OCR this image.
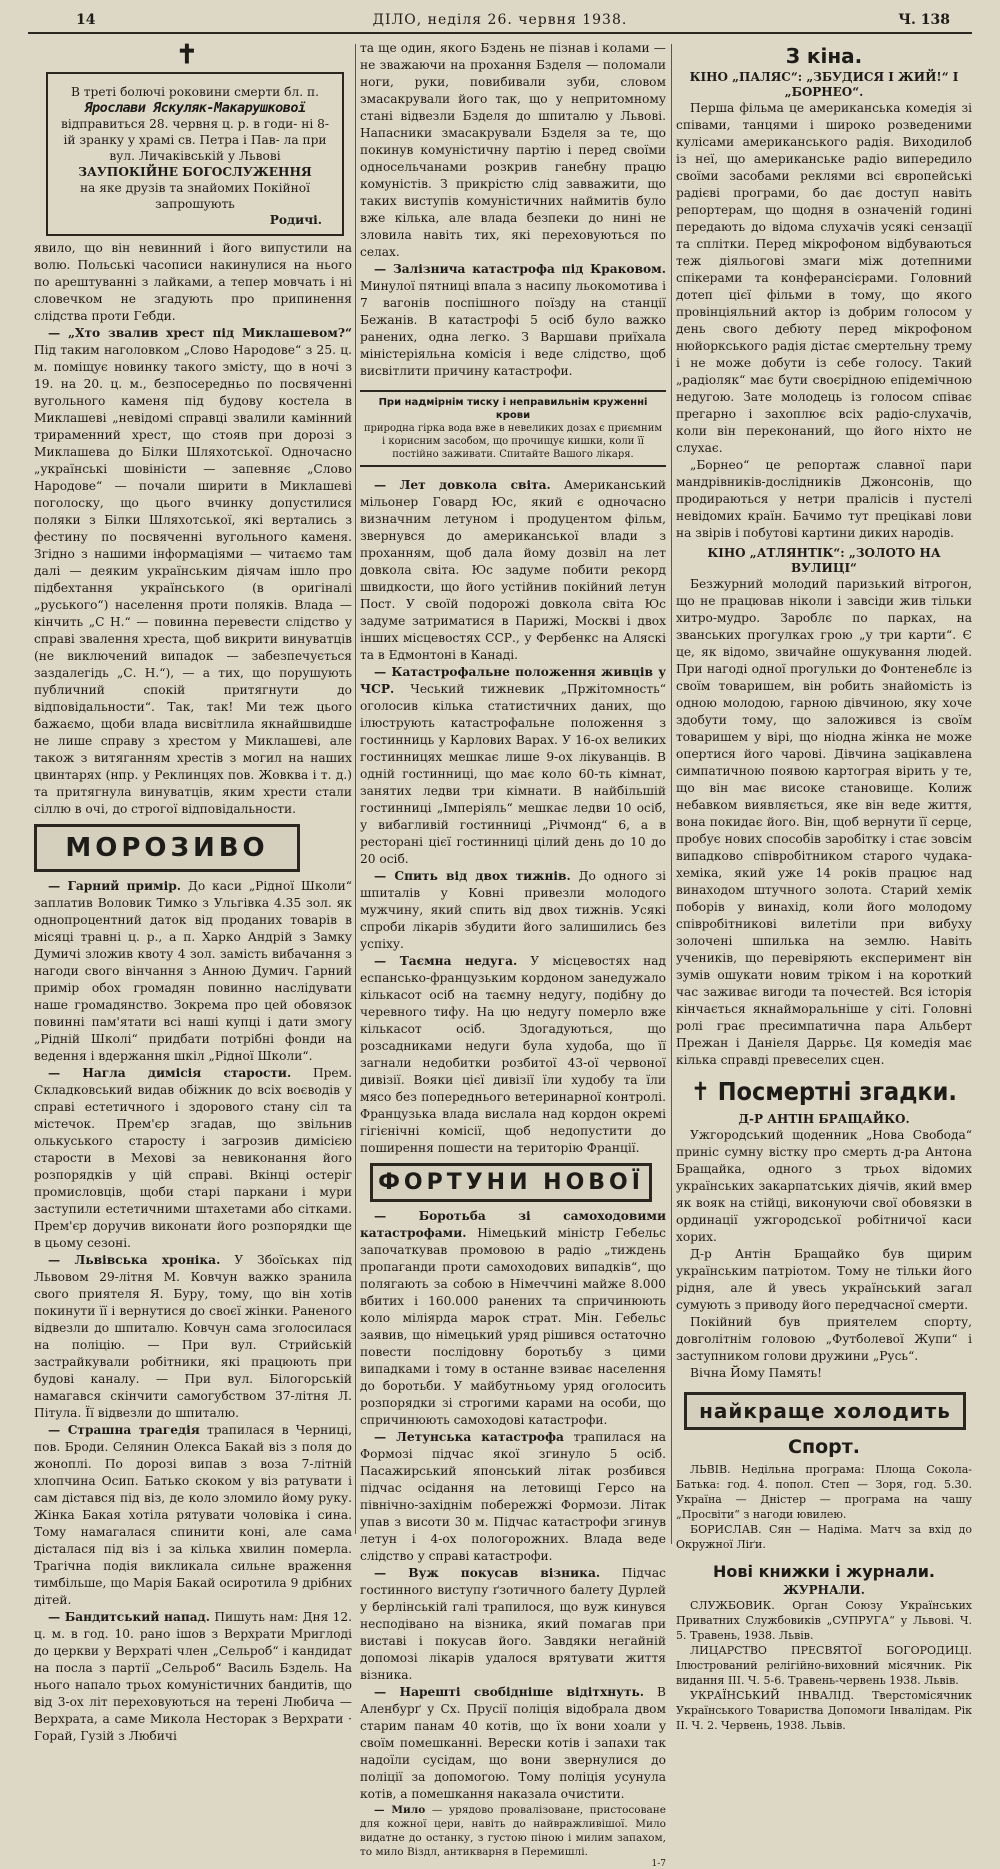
14	ДІЛО, неділя 26. червня 1938.	Ч. 138
✝
В треті болючі роковини смерти бл. п.
Ярослави Яскуляк-Макарушкової
відправиться 28. червня ц. р. в годи- ні 8-ій зранку у храмі св. Петра і Пав- ла при вул. Личаківській у Львові
ЗАУПОКІЙНЕ БОГОСЛУЖЕННЯ
на яке друзів та знайомих Покійної запрошують
Родичі.

явило, що він невинний і його випустили на волю. Польські часописи накинулися на нього по арештуванні з лайками, а тепер мовчать і ні словечком не згадують про припинення слідства проти Гебди.

— „Хто звалив хрест під Миклашевом?“ Під таким наголовком „Слово Народове“ з 25. ц. м. поміщує новинку такого змісту, що в ночі з 19. на 20. ц. м., безпосередньо по посвяченні вугольного каменя під будову костела в Миклашеві „невідомі справці звалили камінний трираменний хрест, що стояв при дорозі з Миклашева до Білки Шляхотської. Одночасно „українські шовіністи — запевняє „Слово Народове“ — почали ширити в Миклашеві поголоску, що цього вчинку допустилися поляки з Білки Шляхотської, які вертались з фестину по посвяченні вугольного каменя. Згідно з нашими інформаціями — читаємо там далі — деяким українським діячам ішло про підбехтання українського (в оригіналі „руського“) населення проти поляків. Влада — кінчить „С Н.“ — повинна перевести слідство у справі звалення хреста, щоб викрити винуватців (не виключений випадок — забезпечується заздалегідь „С. Н.“), — а тих, що порушують публичний спокій притягнути до відповідальности“. Так, так! Ми теж цього бажаємо, щоби влада висвітлила якнайшвидше не лише справу з хрестом у Миклашеві, але також з витяганням хрестів з могил на наших цвинтарях (нпр. у Реклинцях пов. Жовква і т. д.) та притягнула винуватців, яким хрести стали сіллю в очі, до строгої відповідальности.

МОРОЗИВО

— Гарний примір. До каси „Рідної Школи“ заплатив Воловик Тимко з Ульгівка 4.35 зол. як однопроцентний даток від проданих товарів в місяці травні ц. р., а п. Харко Андрій з Замку Думичі зложив квоту 4 зол. замість вибачання з нагоди свого вінчання з Анною Думич. Гарний примір обох громадян повинно наслідувати наше громадянство. Зокрема про цей обовязок повинні пам'ятати всі наші купці і дати змогу „Рідній Школі“ придбати потрібні фонди на ведення і вдержання шкіл „Рідної Школи“.

— Нагла димісія старости. Прем. Складковський видав обіжник до всіх воєводів у справі естетичного і здорового стану сіл та містечок. Прем'єр згадав, що звільнив олькуського старосту і загрозив димісією старости в Мехові за невиконання його розпорядків у цій справі. Вкінці остеріг промисловців, щоби старі паркани і мури заступили естетичними штахетами або сітками. Прем'єр доручив виконати його розпорядки ще в цьому сезоні.

— Львівська хроніка. У Збоїськах під Львовом 29-літня М. Ковчун важко зранила свого приятеля Я. Буру, тому, що він хотів покинути її і вернутися до своєї жінки. Раненого відвезли до шпиталю. Ковчун сама зголосилася на поліцію. — При вул. Стрийській застрайкували робітники, які працюють при будові каналу. — При вул. Білогорській намагався скінчити самогубством 37-літня Л. Пітула. Її відвезли до шпиталю.

— Страшна трагедія трапилася в Черниці, пов. Броди. Селянин Олекса Бакай віз з поля до жоноплі. По дорозі випав з воза 7-літній хлопчина Осип. Батько скоком у віз ратувати і сам діставcя під віз, де коло зломило йому руку. Жінка Бакая хотіла рятувати чоловіка і сина. Тому намагалася спинити коні, але сама дісталася під віз і за кілька хвилин померла. Трагічна подія викликала сильне враження тимбільше, що Марія Бакай осиротила 9 дрібних дітей.

— Бандитський напад. Пишуть нам: Дня 12. ц. м. в год. 10. рано ішов з Верхрати Мриглоді до церкви у Верхраті член „Сельроб“ і кандидат на посла з партії „Сельроб“ Василь Бздель. На нього напало трьох комуністичних бандитів, що від 3-ох літ переховуються на терені Любича — Верхрата, а саме Микола Несторак з Верхрати · Горай, Гузій з Любичі

та ще один, якого Бздень не пізнав і колами — не зважаючи на прохання Бзделя — поломали ноги, руки, повибивали зуби, словом змасакрували його так, що у непритомному стані відвезли Бзделя до шпиталю у Львові. Напасники змасакрували Бзделя за те, що покинув комуністичну партію і перед своїми односельчанами розкрив ганебну працю комуністів. З прикрістю слід завважити, що таких виступів комуністичних наймитів було вже кілька, але влада безпеки до нині не зловила навіть тих, які переховуються по селах.

— Залізнича катастрофа під Краковом. Минулої пятниці впала з насипу льокомотива і 7 вагонів поспішного поїзду на станції Бежанів. В катастрофі 5 осіб було важко ранених, одна легко. З Варшави приїхала міністеріяльна комісія і веде слідство, щоб висвітлити причину катастрофи.

При надмірнім тиску і неправильнім круженні крови
природна гірка вода вже в невеликих дозах є приємним і корисним засобом, що прочищує кишки, коли її постійно заживати. Спитайте Вашого лікаря.

— Лет довкола світа. Американський мільонер Говард Юс, який є одночасно визначним летуном і продуцентом фільм, звернувся до американської влади з проханням, щоб дала йому дозвіл на лет довкола світа. Юс задуме побити рекорд швидкости, що його устійнив покійний летун Пост. У своїй подорожі довкола світа Юс задуме затриматися в Парижі, Москві і двох інших місцевостях ССР., у Фербенкс на Аляскі та в Едмонтоні в Канаді.

— Катастрофальне положення живців у ЧСР. Чеський тижневик „Пржітомность“ оголосив кілька статистичних даних, що ілюструють катастрофальне положення з гостинниць у Карлових Варах. У 16-ох великих гостинницях мешкає лише 9-ох лікуванців. В одній гостинниці, що має коло 60-ть кімнат, занятих ледви три кімнати. В найбільшій гостинниці „Імперіяль“ мешкає ледви 10 осіб, у вибагливій гостинниці „Річмонд“ 6, а в ресторані цієї гостинниці цілий день до 10 до 20 осіб.

— Спить від двох тижнів. До одного зі шпиталів у Ковні привезли молодого мужчину, який спить від двох тижнів. Усякі спроби лікарів збудити його залишились без успіху.

— Таємна недуга. У місцевостях над еспансько-французьким кордоном занедужало кількасот осіб на таємну недугу, подібну до черевного тифу. На цю недугу померло вже кількасот осіб. Здогадуються, що розсадниками недуги була худоба, що її загнали недобитки розбитої 43-ої червоної дивізії. Вояки цієї дивізії їли худобу та їли мясо без попереднього ветеринарної контролі. Французька влада вислала над кордон окремі гігієнічні комісії, щоб недопустити до поширення пошести на територію Франції.

ФОРТУНИ НОВОЇ

— Боротьба зі самоходовими катастрофами. Німецький міністр Гебельс започаткував промовою в радіо „тиждень пропаганди проти самоходових випадків“, що полягають за собою в Німеччині майже 8.000 вбитих і 160.000 ранених та спричинюють коло міліярда марок страт. Мін. Гебельс заявив, що німецький уряд рішився остаточно повести послідовну боротьбу з цими випадками і тому в останне взиває населення до боротьби. У майбутньому уряд оголосить розпорядки зі строгими карами на особи, що спричинюють самоходові катастрофи.

— Летунська катастрофа трапилася на Формозі підчас якої згинуло 5 осіб. Пасажирський японський літак розбився підчас осідання на летовищі Герсо на північно-західнім побережжі Формози. Літак упав з висоти 30 м. Підчас катастрофи згинув летун і 4-ох пологорожних. Влада веде слідство у справі катастрофи.

— Вуж покусав візника. Підчас гостинного виступу ґзотичного балету Дурлей у берлінській галі трапилося, що вуж кинувся несподівано на візника, який помагав при виставі і покусав його. Завдяки негайній допомозі лікарів удалося врятувати життя візника.

— Нарешті свобідніше відітхнуть. В Аленбурґ у Сх. Прусії поліція відобрала двом старим панам 40 котів, що їх вони хоали у своїм помешканні. Верески котів і запахи так надоїли сусідам, що вони звернулися до поліції за допомогою. Тому поліція усунула котів, а помешкання наказала очистити.

— Мило — урядово провалізоване, пристосоване для кожної цери, навіть до найвражливішої. Мило видатне до останку, з густою піною і милим запахом, то мило Віздл, антикварня в Перемишлі.

1-7
З кіна.
КІНО „ПАЛЯС“: „ЗБУДИСЯ І ЖИЙ!“ І „БОРНЕО“.

Перша фільма це американська комедія зі співами, танцями і широко розведеними кулісами американського радія. Виходилоб із неї, що американське радіо випередило своїми засобами реклями всі європейські радієві програми, бо дає доступ навіть репортерам, що щодня в означеній годині передають до відома слухачів усякі сензації та сплітки. Перед мікрофоном відбуваються теж діяльогові змаги між дотепними спікерами та конферансієрами. Головний дотеп цієї фільми в тому, що якого провінціяльний актор із добрим голосом у день свого дебюту перед мікрофоном нюйоркського радія дістає смертельну тремy і не може добути із себе голосу. Такий „радіоляк“ має бути своєрідною епідемічною недугою. Зате молодець із голосом співає прегарно і захоплює всіх радіо-слухачів, коли він переконаний, що його ніхто не слухає.

„Борнео“ це репортаж славної пари мандрівників-дослідників Джонсонів, що продираються у нетри пралісів і пустелі невідомих країн. Бачимо тут прецікаві лови на звірів і побутові картини диких народів.

КІНО „АТЛЯНТІК“: „ЗОЛОТО НА ВУЛИЦІ“

Безжурний молодий паризький вітрогон, що не працював ніколи і завсіди жив тільки хитро-мудро. Зароблє по парках, на званських прогулках грою „у три карти“. Є це, як відомо, звичайне ошукування людей. При нагоді одної прогульки до Фонтенеблє із своїм товаришем, він робить знайомість із одною молодою, гарною дівчиною, яку хоче здобути тому, що заложився із своїм товаришем у вірі, що ніодна жінка не може опертися його чарові. Дівчина зацікавлена симпатичною появою картограя вірить у те, що він має високе становище. Колиж небавком виявляється, яке він веде життя, вона покидає його. Він, щоб вернути її серце, пробує нових способів заробітку і стає зовсім випадково співробітником старого чудака-хеміка, який уже 14 років працює над винаходом штучного золота. Старий хемік поборів у винахід, коли його молодому співробітникові вилетіли при вибуху золочені шпилька на землю. Навіть учеників, що перевіряють експеримент він зумів ошукати новим тріком і на короткий час заживає вигоди та почестей. Вся історія кінчається якнайморальніше у сіті. Головні ролі грає пресимпатична пара Альберт Прежан і Даніеля Даррьє. Ця комедія має кілька справді превеселих сцен.

✝ Посмертні згадки.
Д-Р АНТІН БРАЩАЙКО.

Ужгородський щоденник „Нова Свобода“ приніс сумну вістку про смерть д-ра Антона Бращайка, одного з трьох відомих українських закарпатських діячів, який вмер як вояк на стійці, виконуючи свої обовязки в ординації ужгородської робітничої каси хорих.

Д-р Антін Бращайко був щирим українським патріотом. Тому не тільки його рідня, але й увесь український загал сумують з приводу його передчасної смерти.

Покійний був приятелем спорту, довголітнім головою „Футболевої Жупи“ і заступником голови дружини „Русь“.

Вічна Йому Память!

найкраще холодить
Спорт.

ЛЬВІВ. Недільна програма: Площа Сокола-Батька: год. 4. попол. Степ — Зоря, год. 5.30. Україна — Дністер — програма на чашу „Просвіти“ з нагоди ювилею.

БОРИСЛАВ. Сян — Надіма. Матч за вхід до Окружної Ліґи.

Нові книжки і журнали.
ЖУРНАЛИ.

СЛУЖБОВИК. Орган Союзу Українських Приватних Службовиків „СУПРУГА“ у Львові. Ч. 5. Травень, 1938. Львів.

ЛИЦАРСТВО ПРЕСВЯТОЇ БОГОРОДИЦІ. Ілюстрований релігійно-виховний місячник. Рік видання III. Ч. 5-6. Травень-червень 1938. Львів.

УКРАЇНСЬКИЙ ІНВАЛІД. Тверстомісячник Українського Товариства Допомоги Інвалідам. Рік II. Ч. 2. Червень, 1938. Львів.
